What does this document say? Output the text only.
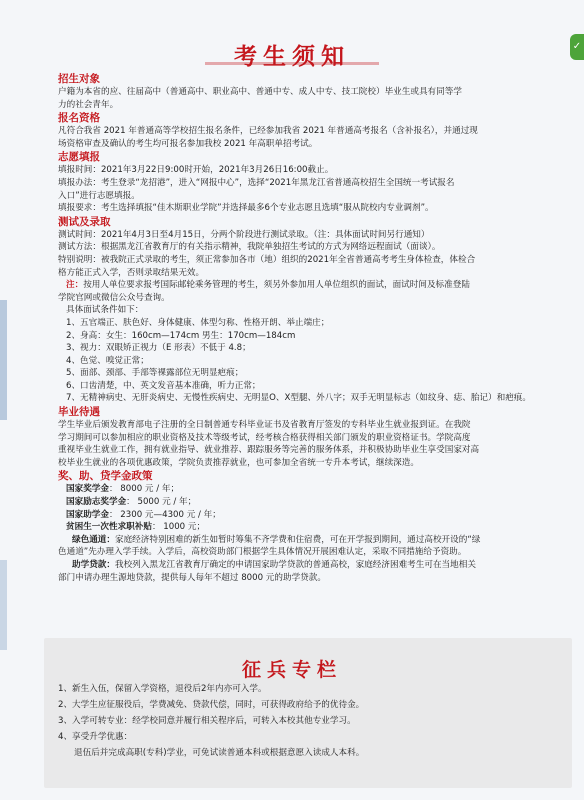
✓
考生须知
招生对象

户籍为本省的应、往届高中（普通高中、职业高中、普通中专、成人中专、技工院校）毕业生或具有同等学

力的社会青年。

报名资格

凡符合我省 2021 年普通高等学校招生报名条件，已经参加我省 2021 年普通高考报名（含补报名），并通过现

场资格审查及确认的考生均可报名参加我校 2021 年高职单招考试。

志愿填报

填报时间：2021年3月22日9:00时开始，2021年3月26日16:00截止。

填报办法：考生登录“龙招港”，进入“网报中心”，选择“2021年黑龙江省普通高校招生全国统一考试报名

入口”进行志愿填报。

填报要求：考生选择填报“佳木斯职业学院”并选择最多6个专业志愿且选填“服从院校内专业调剂”。

测试及录取

测试时间：2021年4月3日至4月15日，分两个阶段进行测试录取。（注：具体面试时间另行通知）

测试方法：根据黑龙江省教育厅的有关指示精神，我院单独招生考试的方式为网络远程面试（面谈）。

特别说明：被我院正式录取的考生，须正常参加各市（地）组织的2021年全省普通高考考生身体检查，体检合

格方能正式入学，否则录取结果无效。

注：按用人单位要求报考国际邮轮乘务管理的考生，须另外参加用人单位组织的面试，面试时间及标准登陆

学院官网或微信公众号查询。

具体面试条件如下：

1、五官端正、肤色好、身体健康、体型匀称、性格开朗、举止端庄；

2、身高：女生：160cm—174cm 男生：170cm—184cm

3、视力：双眼矫正视力（E 形表）不低于 4.8；

4、色觉、嗅觉正常；

5、面部、颈部、手部等裸露部位无明显疤痕；

6、口齿清楚，中、英文发音基本准确，听力正常；

7、无精神病史、无肝炎病史、无慢性疾病史、无明显O、X型腿、外八字；双手无明显标志（如纹身、痣、胎记）和疤痕。

毕业待遇

学生毕业后颁发教育部电子注册的全日制普通专科毕业证书及省教育厅签发的专科毕业生就业报到证。在我院

学习期间可以参加相应的职业资格及技术等级考试，经考核合格获得相关部门颁发的职业资格证书。学院高度

重视毕业生就业工作，拥有就业指导、就业推荐、跟踪服务等完善的服务体系，并积极协助毕业生享受国家对高

校毕业生就业的各项优惠政策，学院负责推荐就业，也可参加全省统一专升本考试，继续深造。

奖、助、贷学金政策

国家奖学金： 8000 元 / 年；

国家励志奖学金： 5000 元 / 年；

国家助学金： 2300 元—4300 元 / 年；

贫困生一次性求职补贴： 1000 元；

绿色通道：家庭经济特别困难的新生如暂时筹集不齐学费和住宿费，可在开学报到期间，通过高校开设的“绿

色通道”先办理入学手续。入学后，高校资助部门根据学生具体情况开展困难认定，采取不同措施给予资助。

助学贷款：我校列入黑龙江省教育厅确定的申请国家助学贷款的普通高校，家庭经济困难考生可在当地相关

部门申请办理生源地贷款，提供每人每年不超过 8000 元的助学贷款。

征兵专栏
1、新生入伍，保留入学资格，退役后2年内亦可入学。
2、大学生应征服役后，学费减免、贷款代偿，同时，可获得政府给予的优待金。
3、入学可转专业：经学校同意并履行相关程序后，可转入本校其他专业学习。
4、享受升学优惠：
退伍后并完成高职(专科)学业，可免试读普通本科或根据意愿入读成人本科。
